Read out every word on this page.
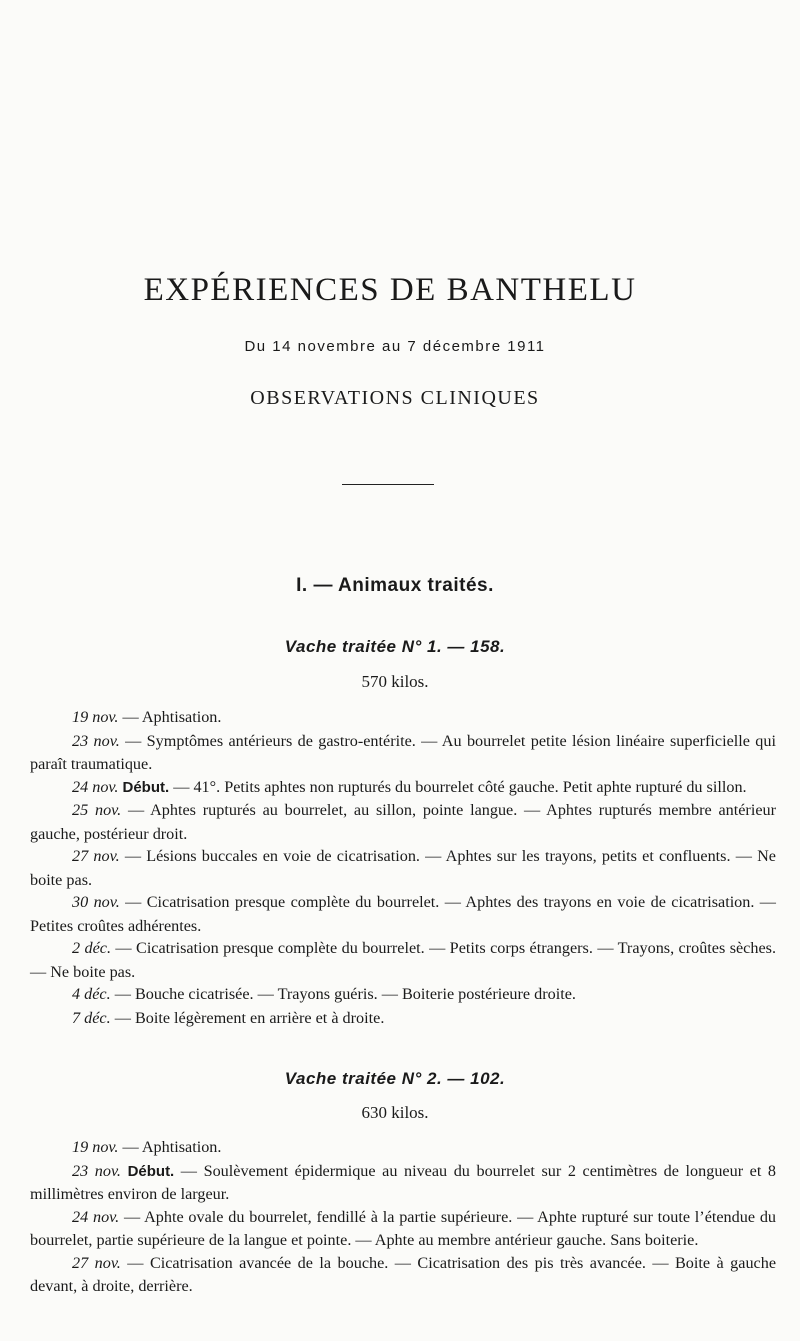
EXPÉRIENCES DE BANTHELU
Du 14 novembre au 7 décembre 1911
OBSERVATIONS CLINIQUES
I. — Animaux traités.
Vache traitée N° 1. — 158.
570 kilos.

19 nov. — Aphtisation.

23 nov. — Symptômes antérieurs de gastro-entérite. — Au bourrelet petite lésion linéaire superficielle qui paraît traumatique.

24 nov. Début. — 41°. Petits aphtes non rupturés du bourrelet côté gauche. Petit aphte rupturé du sillon.

25 nov. — Aphtes rupturés au bourrelet, au sillon, pointe langue. — Aphtes rupturés membre antérieur gauche, postérieur droit.

27 nov. — Lésions buccales en voie de cicatrisation. — Aphtes sur les trayons, petits et confluents. — Ne boite pas.

30 nov. — Cicatrisation presque complète du bourrelet. — Aphtes des trayons en voie de cicatrisation. — Petites croûtes adhérentes.

2 déc. — Cicatrisation presque complète du bourrelet. — Petits corps étrangers. — Trayons, croûtes sèches. — Ne boite pas.

4 déc. — Bouche cicatrisée. — Trayons guéris. — Boiterie postérieure droite.

7 déc. — Boite légèrement en arrière et à droite.

Vache traitée N° 2. — 102.
630 kilos.

19 nov. — Aphtisation.

23 nov. Début. — Soulèvement épidermique au niveau du bourrelet sur 2 centimètres de longueur et 8 millimètres environ de largeur.

24 nov. — Aphte ovale du bourrelet, fendillé à la partie supérieure. — Aphte rupturé sur toute l’étendue du bourrelet, partie supérieure de la langue et pointe. — Aphte au membre antérieur gauche. Sans boiterie.

27 nov. — Cicatrisation avancée de la bouche. — Cicatrisation des pis très avancée. — Boite à gauche devant, à droite, derrière.
